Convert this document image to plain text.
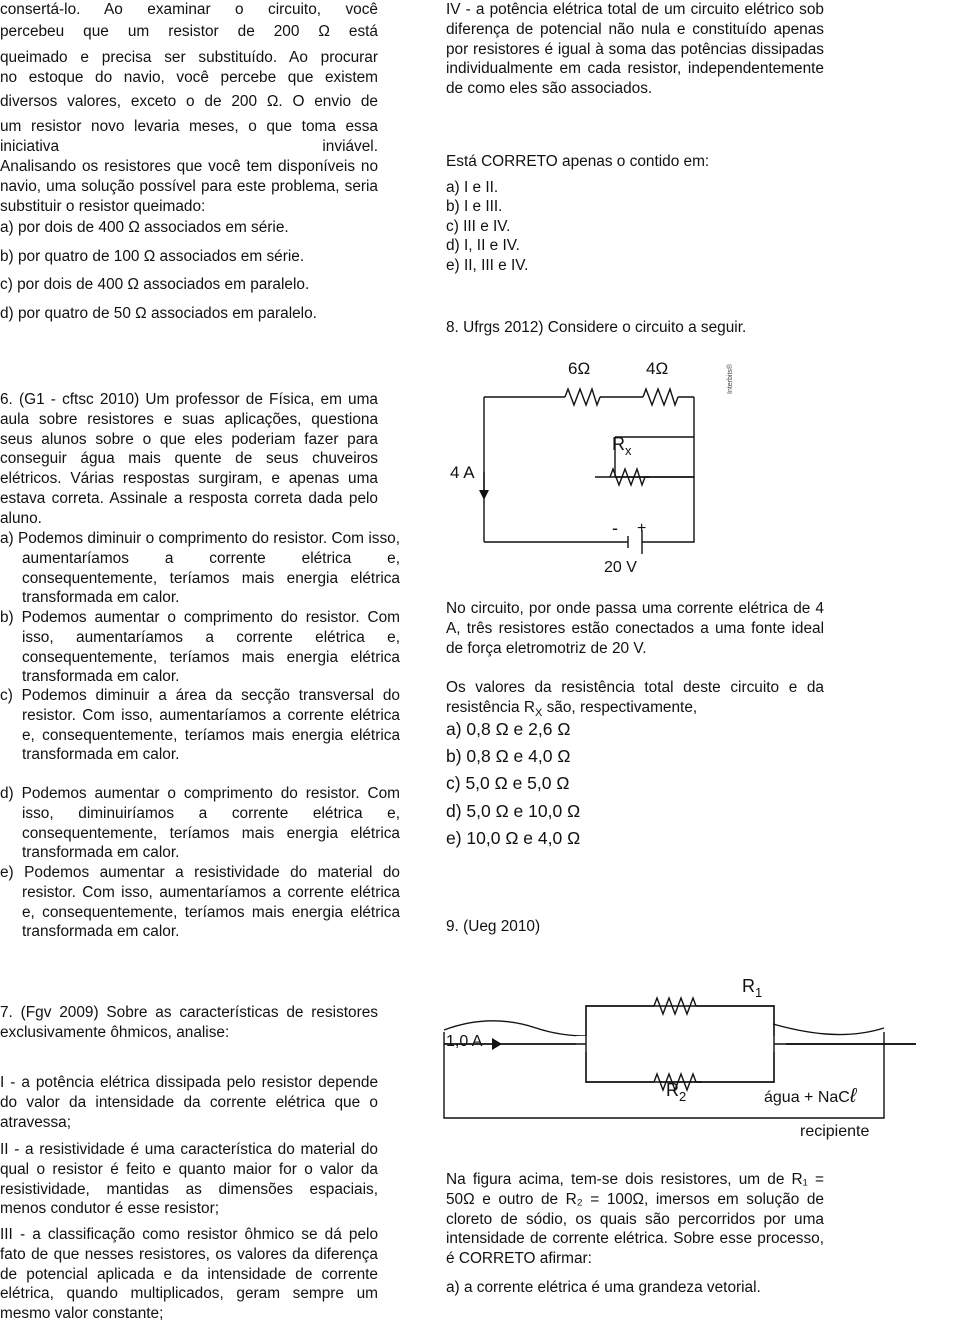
consertá-lo. Ao examinar o circuito, você

percebeu que um resistor de 200 Ω está

queimado e precisa ser substituído. Ao procurar

no estoque do navio, você percebe que existem

diversos valores, exceto o de 200 Ω. O envio de

um resistor novo levaria meses, o que toma essa

iniciativa inviável.

Analisando os resistores que você tem disponíveis no navio, uma solução possível para este problema, seria substituir o resistor queimado:

a) por dois de 400 Ω associados em série.

b) por quatro de 100 Ω associados em série.

c) por dois de 400 Ω associados em paralelo.

d) por quatro de 50 Ω associados em paralelo.

6. (G1 - cftsc 2010) Um professor de Física, em uma aula sobre resistores e suas aplicações, questiona seus alunos sobre o que eles poderiam fazer para conseguir água mais quente de seus chuveiros elétricos. Várias respostas surgiram, e apenas uma estava correta. Assinale a resposta correta dada pelo aluno.

a) Podemos diminuir o comprimento do resistor. Com isso, aumentaríamos a corrente elétrica e, consequentemente, teríamos mais energia elétrica transformada em calor.

b) Podemos aumentar o comprimento do resistor. Com isso, aumentaríamos a corrente elétrica e, consequentemente, teríamos mais energia elétrica transformada em calor.

c) Podemos diminuir a área da secção transversal do resistor. Com isso, aumentaríamos a corrente elétrica e, consequentemente, teríamos mais energia elétrica transformada em calor.

d) Podemos aumentar o comprimento do resistor. Com isso, diminuiríamos a corrente elétrica e, consequentemente, teríamos mais energia elétrica transformada em calor.

e) Podemos aumentar a resistividade do material do resistor. Com isso, aumentaríamos a corrente elétrica e, consequentemente, teríamos mais energia elétrica transformada em calor.

7. (Fgv 2009) Sobre as características de resistores exclusivamente ôhmicos, analise:

I - a potência elétrica dissipada pelo resistor depende do valor da intensidade da corrente elétrica que o atravessa;

II - a resistividade é uma característica do material do qual o resistor é feito e quanto maior for o valor da resistividade, mantidas as dimensões espaciais, menos condutor é esse resistor;

III - a classificação como resistor ôhmico se dá pelo fato de que nesses resistores, os valores da diferença de potencial aplicada e da intensidade de corrente elétrica, quando multiplicados, geram sempre um mesmo valor constante;

IV - a potência elétrica total de um circuito elétrico sob diferença de potencial não nula e constituído apenas por resistores é igual à soma das potências dissipadas individualmente em cada resistor, independentemente de como eles são associados.

Está CORRETO apenas o contido em:

a) I e II.

b) I e III.

c) III e IV.

d) I, II e IV.

e) II, III e IV.

8. Ufrgs 2012) Considere o circuito a seguir.

6Ω	4Ω
$R_x$
4 A
- +
20 V
Interbits®

No circuito, por onde passa uma corrente elétrica de 4 A, três resistores estão conectados a uma fonte ideal de força eletromotriz de 20 V.

Os valores da resistência total deste circuito e da resistência $R_X$ são, respectivamente,

a) 0,8 Ω e 2,6 Ω

b) 0,8 Ω e 4,0 Ω

c) 5,0 Ω e 5,0 Ω

d) 5,0 Ω e 10,0 Ω

e) 10,0 Ω e 4,0 Ω

9. (Ueg 2010)

$R_1$
$R_2$
1,0 A
água + NaCℓ
recipiente

Na figura acima, tem-se dois resistores, um de R₁ = 50Ω e outro de R₂ = 100Ω, imersos em solução de cloreto de sódio, os quais são percorridos por uma intensidade de corrente elétrica. Sobre esse processo, é CORRETO afirmar:

a) a corrente elétrica é uma grandeza vetorial.
